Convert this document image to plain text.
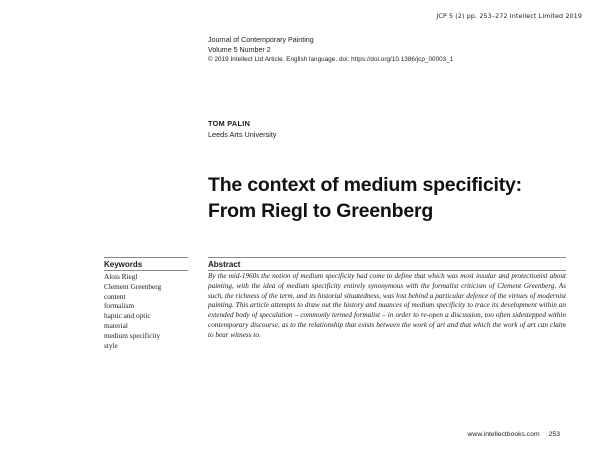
JCP 5 (2) pp. 253–272 Intellect Limited 2019
Journal of Contemporary Painting
Volume 5 Number 2
© 2019 Intellect Ltd Article. English language. doi: https://doi.org/10.1386/jcp_00003_1
TOM PALIN
Leeds Arts University
The context of medium specificity:
From Riegl to Greenberg
Keywords
Alois Riegl
Clement Greenberg
content
formalism
haptic and optic
material
medium specificity
style
Abstract
By the mid-1960s the notion of medium specificity had come to define that which was most insular and protectionist about painting, with the idea of medium specificity entirely synonymous with the formalist criticism of Clement Greenberg. As such, the richness of the term, and its historial situatedness, was lost behind a particular defence of the virtues of modernist painting. This article attempts to draw out the history and nuances of medium specificity to trace its development within an extended body of speculation – commonly termed formalist – in order to re-open a discussion, too often sidestepped within contemporary discourse, as to the relationship that exists between the work of art and that which the work of art can claim to bear witness to.
www.intellectbooks.com 253
